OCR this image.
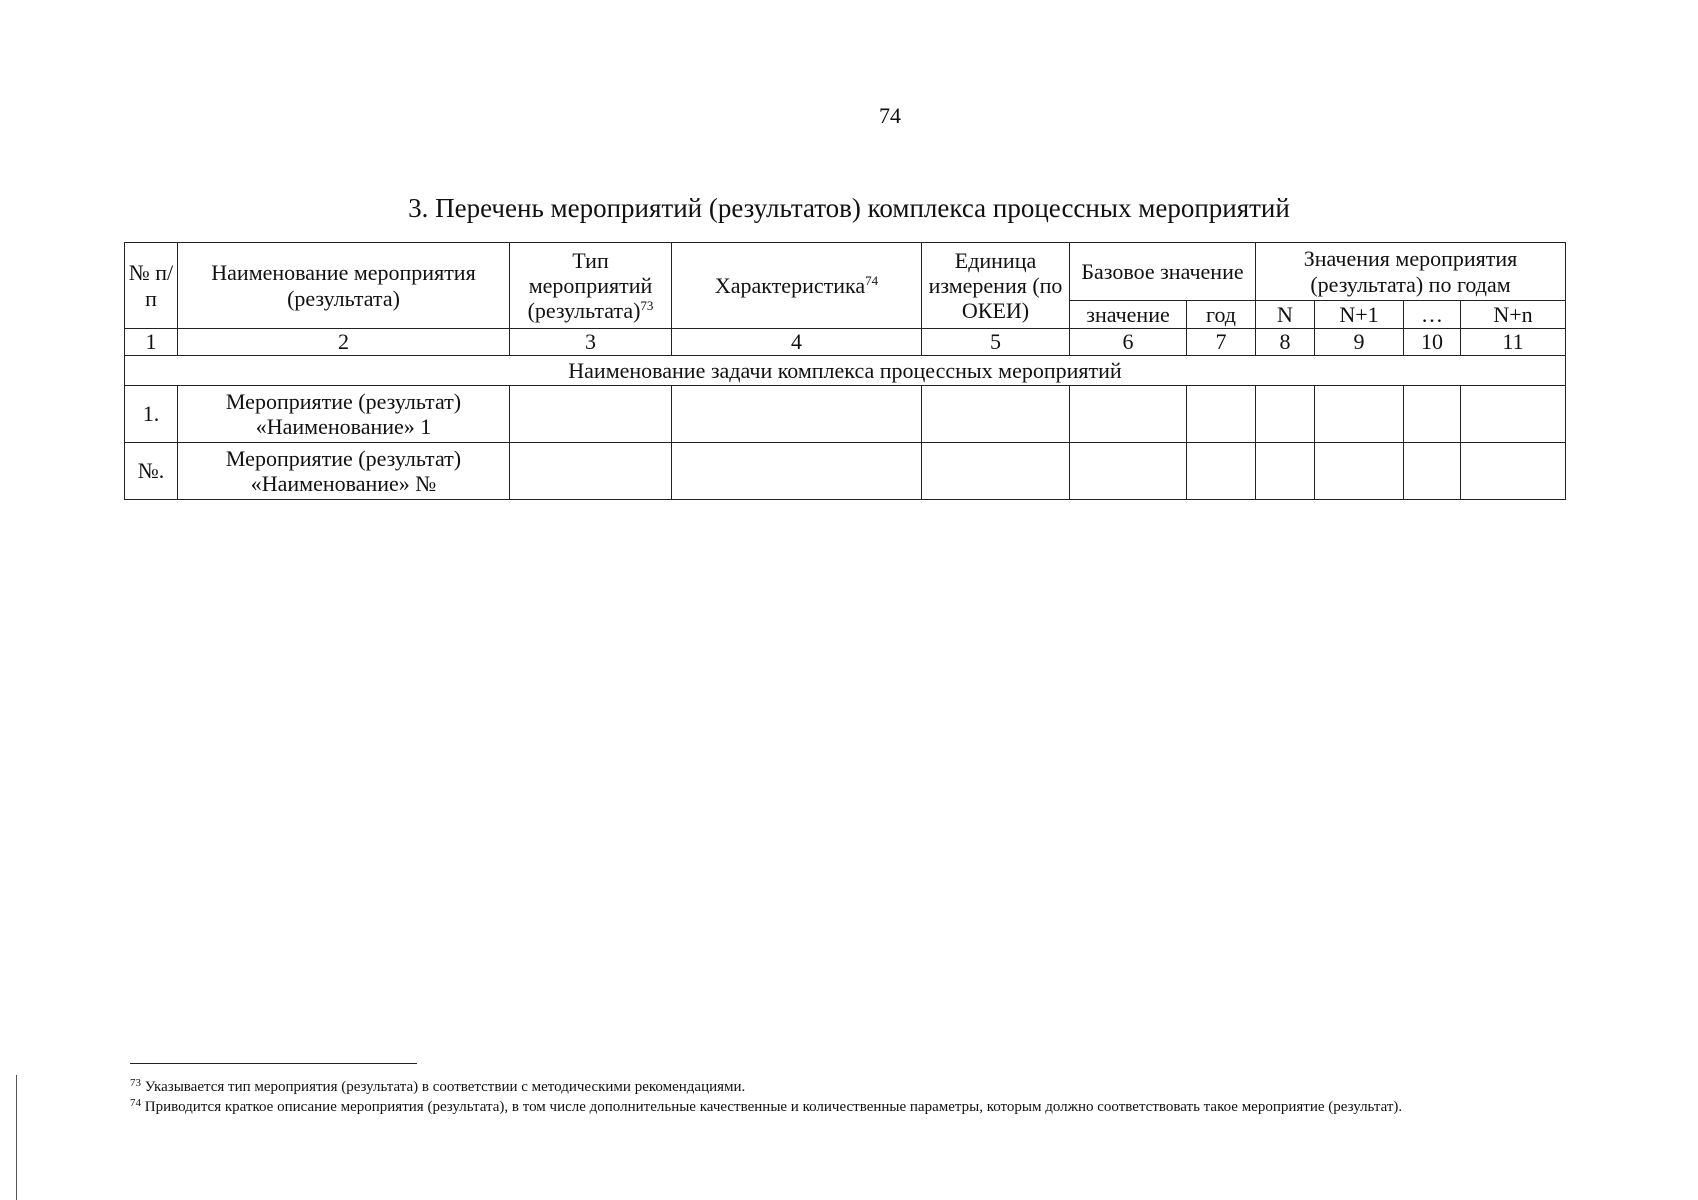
74
3. Перечень мероприятий (результатов) комплекса процессных мероприятий
№ п/п	Наименование мероприятия (результата)	Тип мероприятий (результата)$^{73}$	Характеристика$^{74}$	Единица измерения (по ОКЕИ)	Базовое значение		Значения мероприятия (результата) по годам			
					значение	год	N	N+1	…	N+n
1	2	3	4	5	6	7	8	9	10	11
Наименование задачи комплекса процессных мероприятий										
1.	Мероприятие (результат)
«Наименование» 1									
№.	Мероприятие (результат)
«Наименование» №									

$^{73}$ Указывается тип мероприятия (результата) в соответствии с методическими рекомендациями.

$^{74}$ Приводится краткое описание мероприятия (результата), в том числе дополнительные качественные и количественные параметры, которым должно соответствовать такое мероприятие (результат).
